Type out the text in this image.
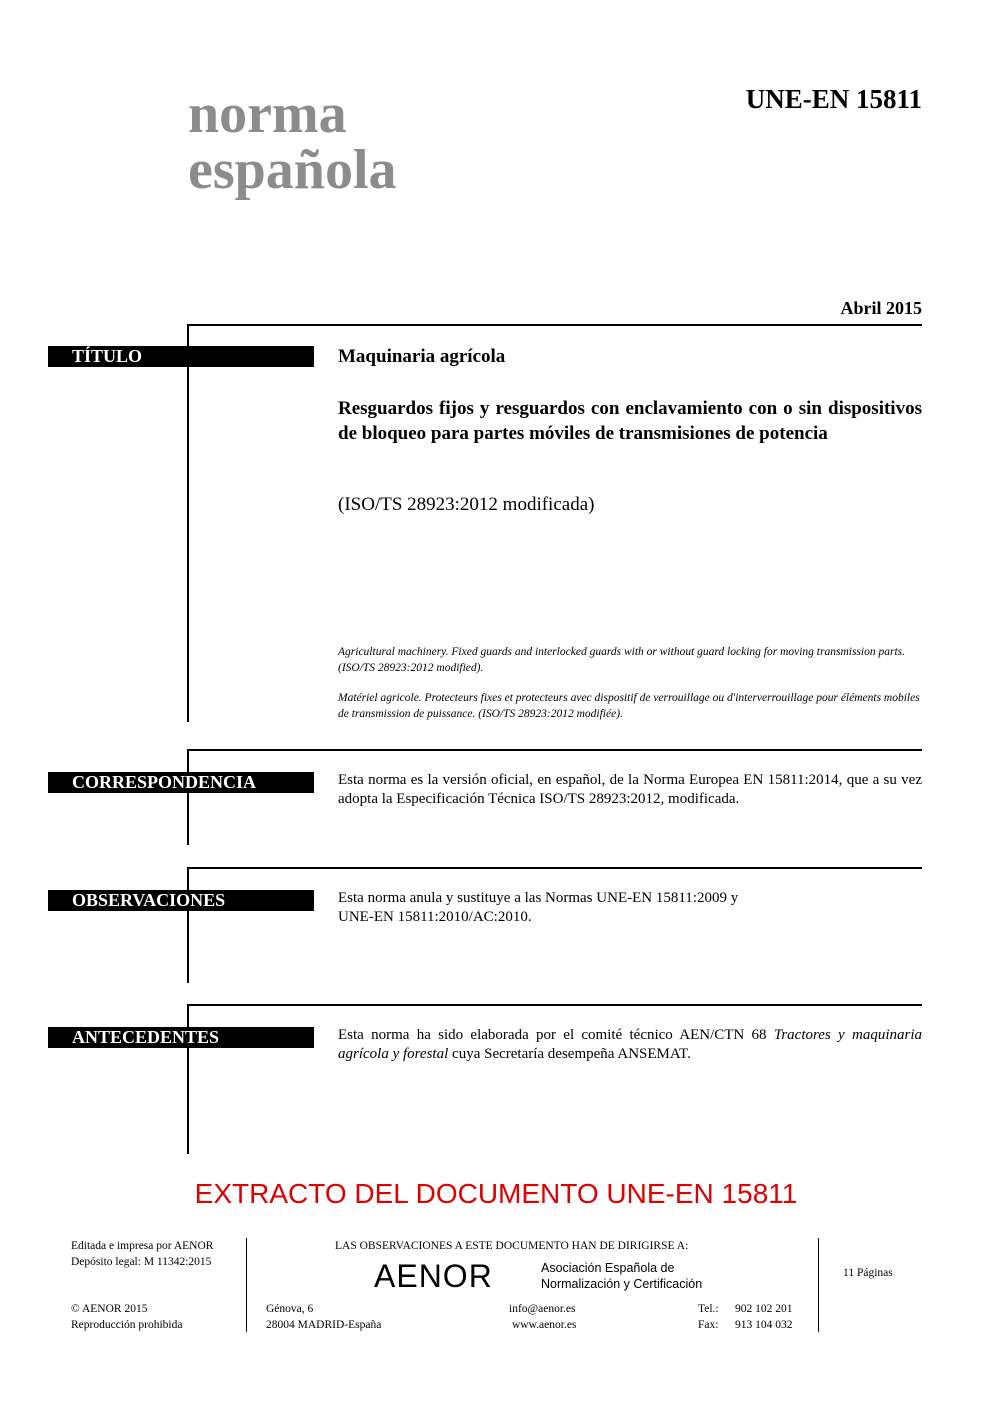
norma
española
UNE-EN 15811
Abril 2015
TÍTULO	Maquinaria agrícola
Resguardos fijos y resguardos con enclavamiento con o sin dispositivos de bloqueo para partes móviles de transmisiones de potencia
(ISO/TS 28923:2012 modificada)
Agricultural machinery. Fixed guards and interlocked guards with or without guard locking for moving transmission parts. (ISO/TS 28923:2012 modified).
Matériel agricole. Protecteurs fixes et protecteurs avec dispositif de verrouillage ou d'interverrouillage pour éléments mobiles de transmission de puissance. (ISO/TS 28923:2012 modifiée).
CORRESPONDENCIA	Esta norma es la versión oficial, en español, de la Norma Europea EN 15811:2014, que a su vez adopta la Especificación Técnica ISO/TS 28923:2012, modificada.
OBSERVACIONES	Esta norma anula y sustituye a las Normas UNE-EN 15811:2009 y
UNE-EN 15811:2010/AC:2010.
ANTECEDENTES	Esta norma ha sido elaborada por el comité técnico AEN/CTN 68 Tractores y maquinaria agrícola y forestal cuya Secretaría desempeña ANSEMAT.
EXTRACTO DEL DOCUMENTO UNE-EN 15811
Editada e impresa por AENOR
Depósito legal: M 11342:2015
© AENOR 2015
Reproducción prohibida
LAS OBSERVACIONES A ESTE DOCUMENTO HAN DE DIRIGIRSE A:
AENOR	Asociación Española de
Normalización y Certificación
Génova, 6
28004 MADRID-España
info@aenor.es
www.aenor.es
Tel.: 902 102 201
Fax: 913 104 032
11 Páginas
